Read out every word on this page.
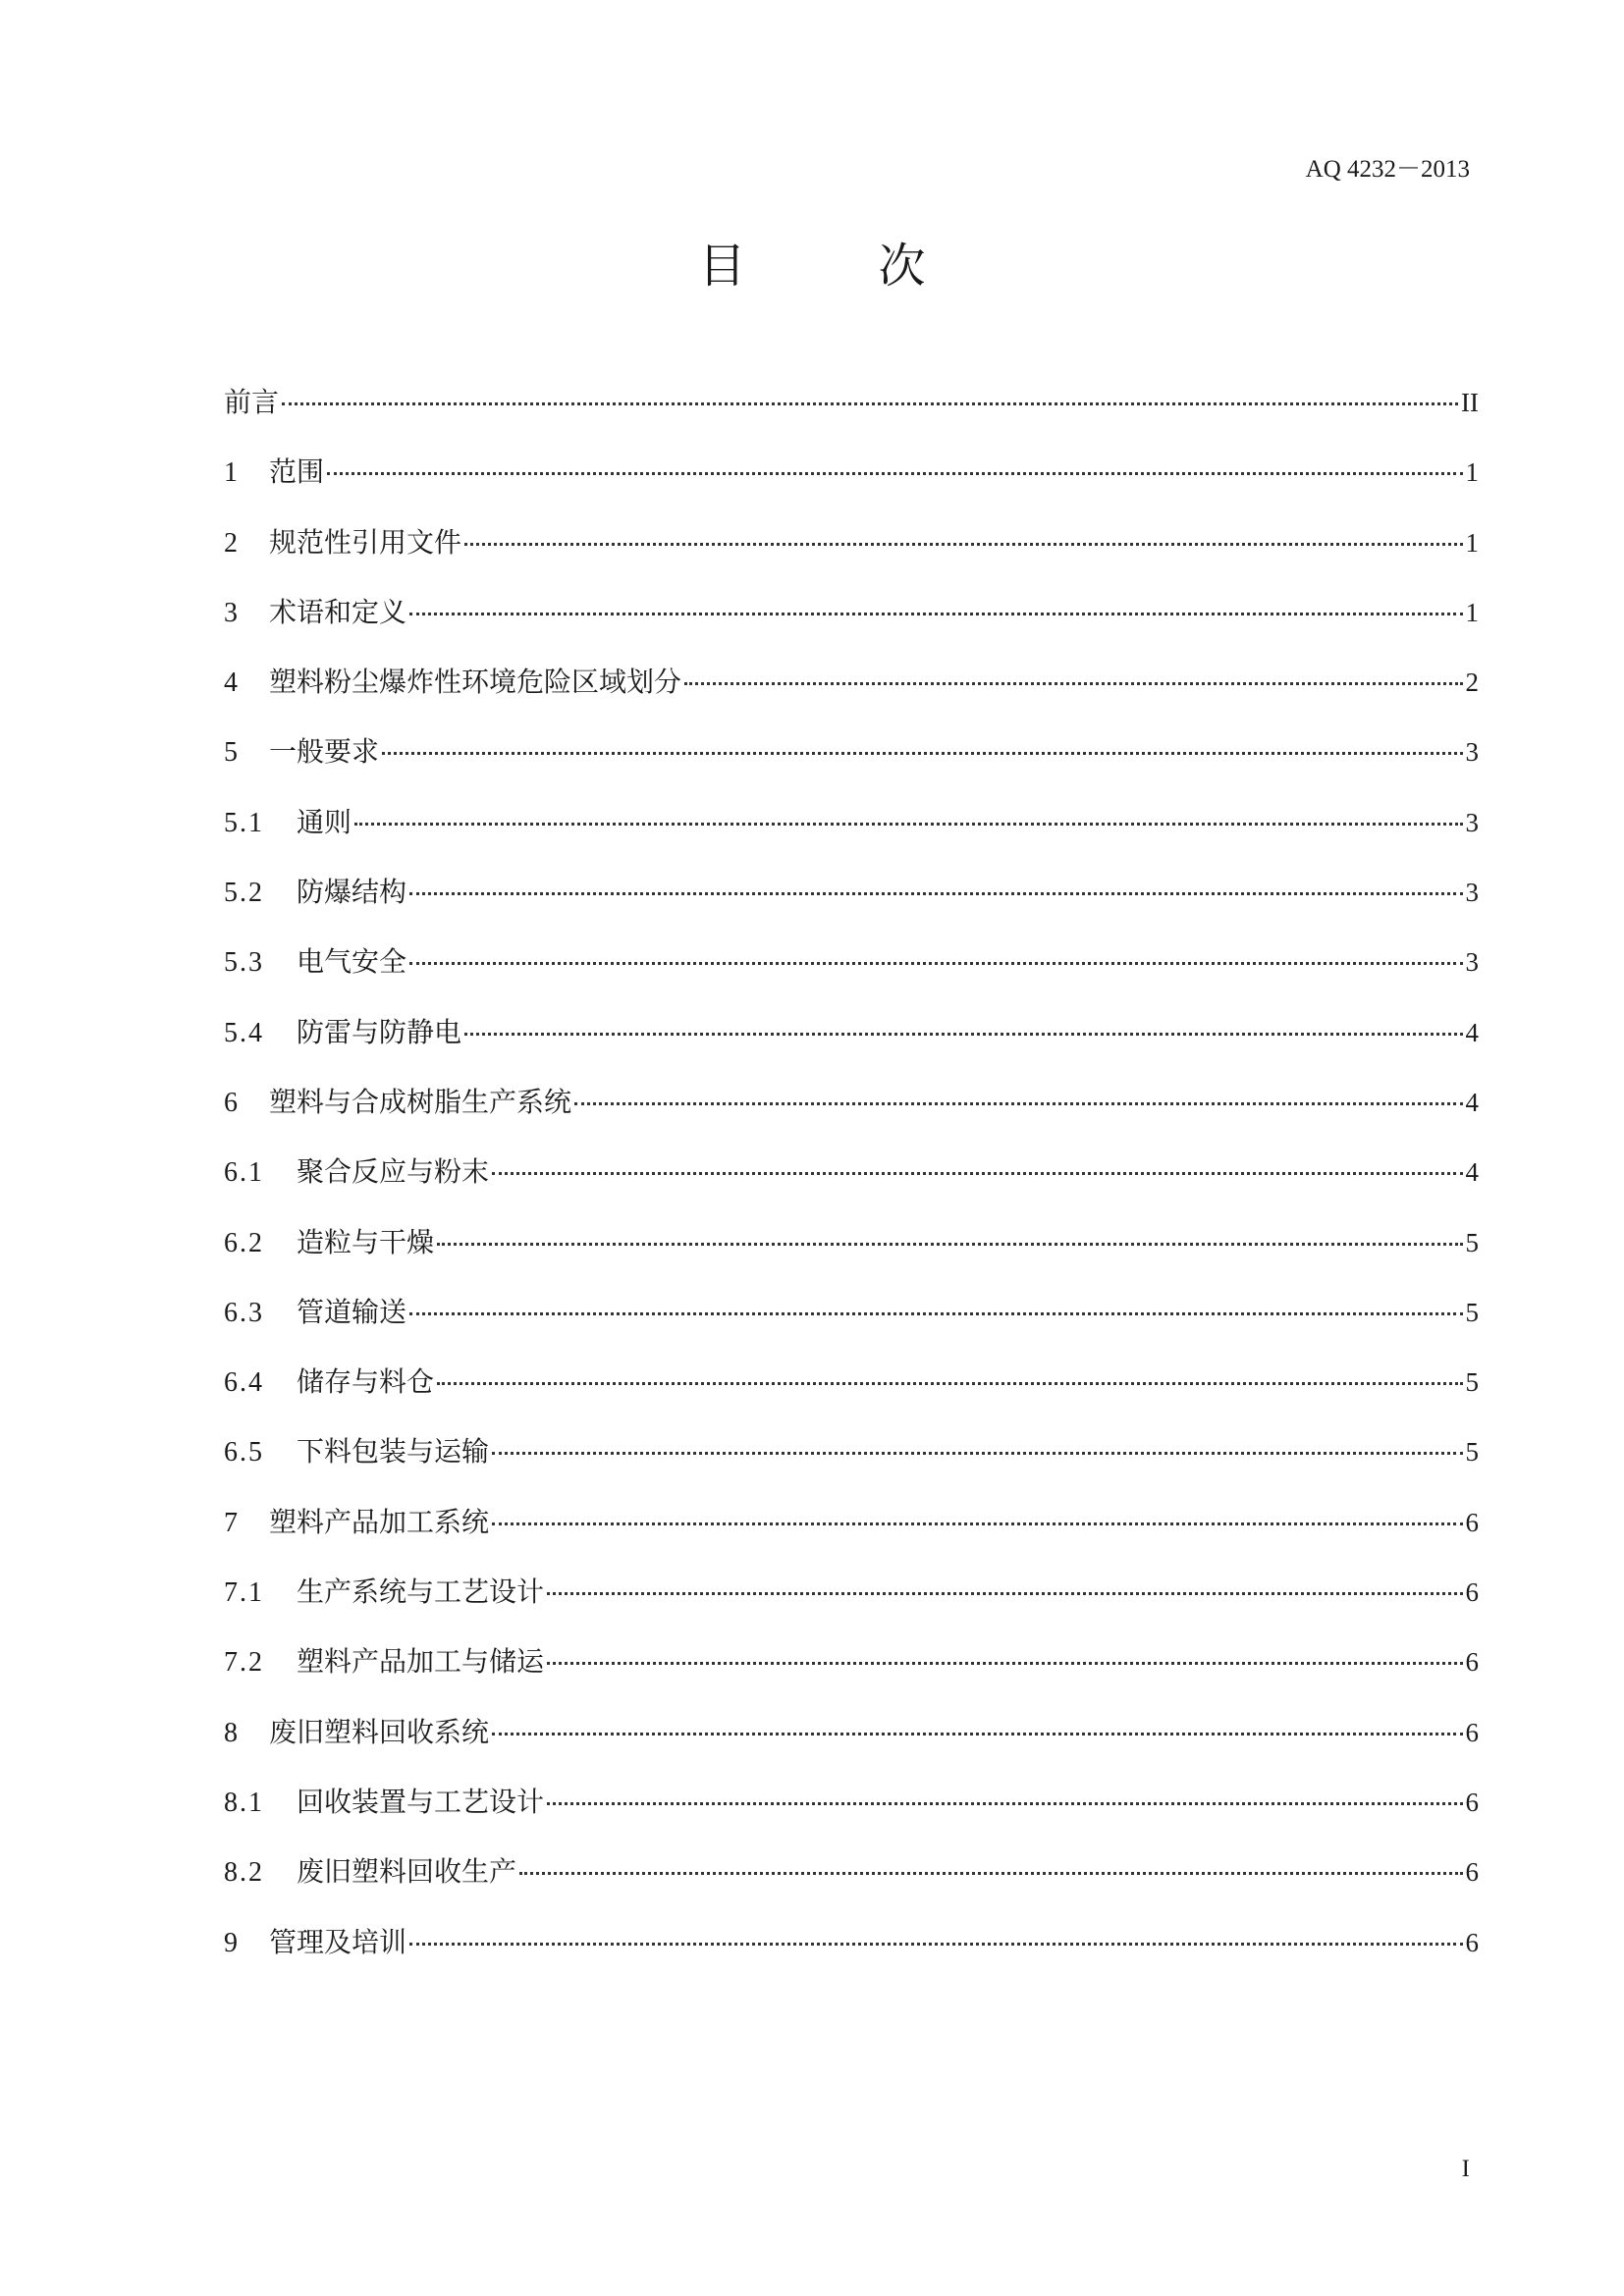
AQ 4232－2013
目	次
前言	II
1	范围	1
2	规范性引用文件	1
3	术语和定义	1
4	塑料粉尘爆炸性环境危险区域划分	2
5	一般要求	3
5.1	通则	3
5.2	防爆结构	3
5.3	电气安全	3
5.4	防雷与防静电	4
6	塑料与合成树脂生产系统	4
6.1	聚合反应与粉末	4
6.2	造粒与干燥	5
6.3	管道输送	5
6.4	储存与料仓	5
6.5	下料包装与运输	5
7	塑料产品加工系统	6
7.1	生产系统与工艺设计	6
7.2	塑料产品加工与储运	6
8	废旧塑料回收系统	6
8.1	回收装置与工艺设计	6
8.2	废旧塑料回收生产	6
9	管理及培训	6
I
